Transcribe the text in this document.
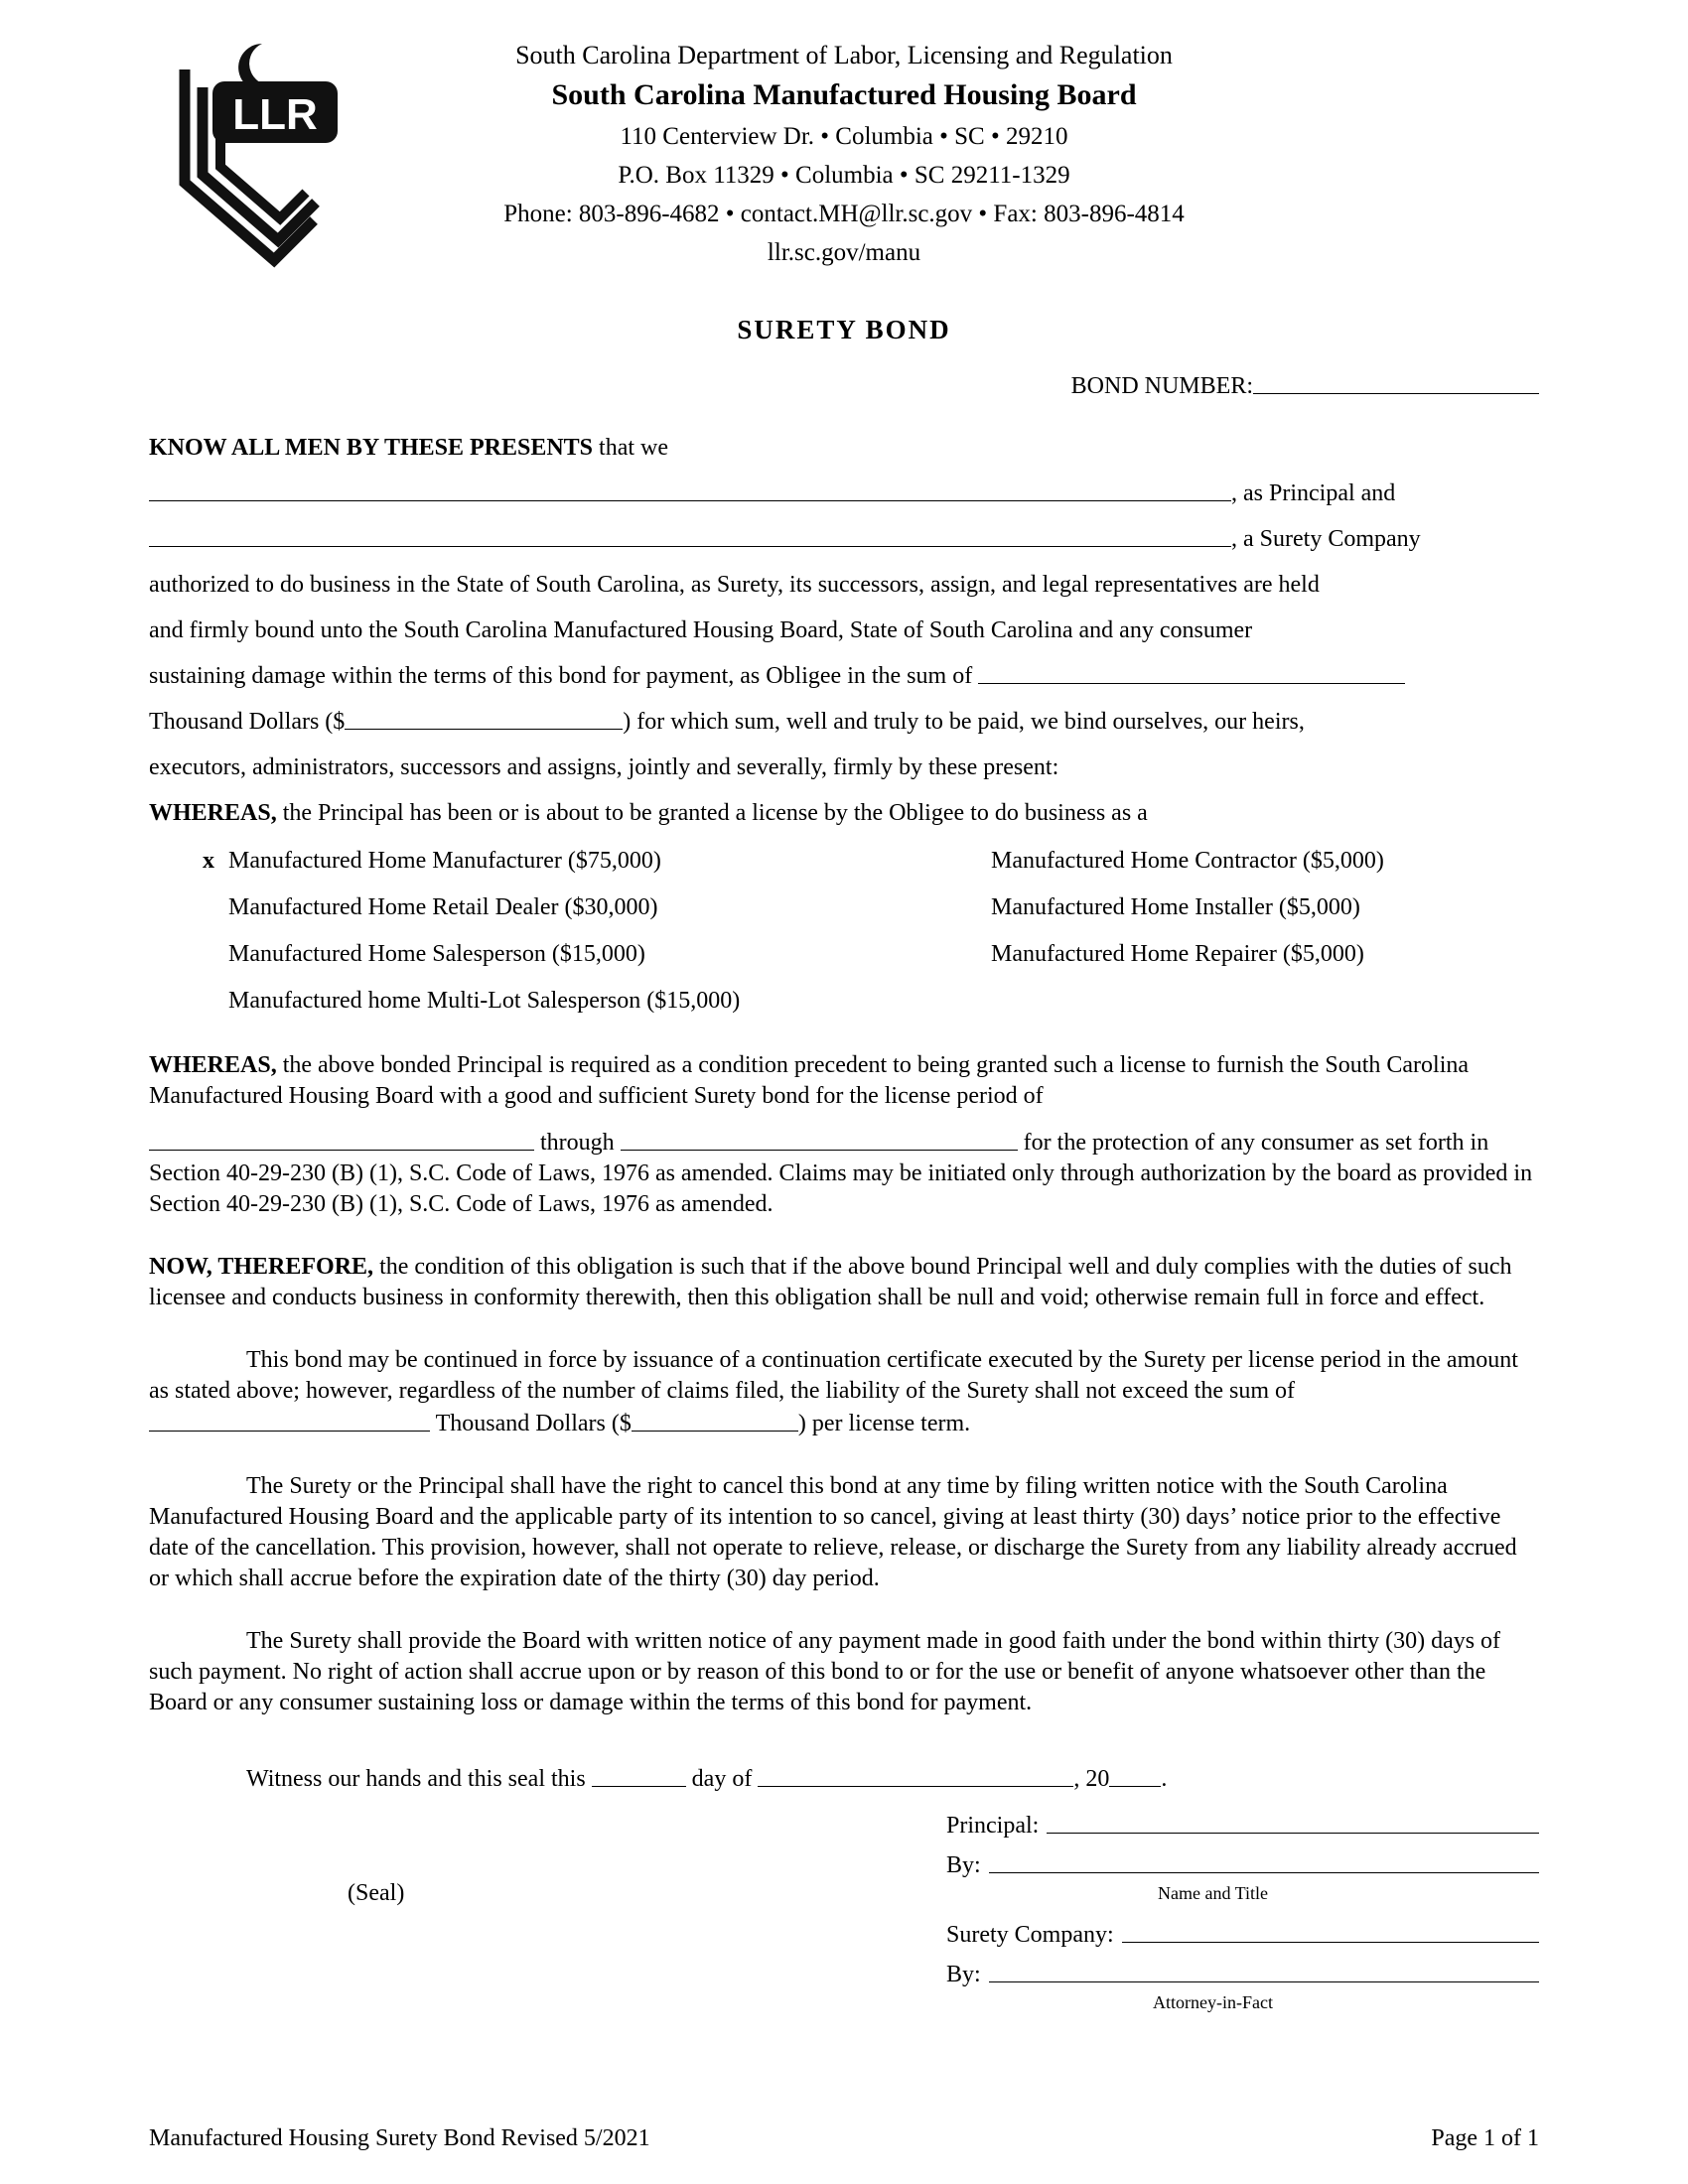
LLR
South Carolina Department of Labor, Licensing and Regulation
South Carolina Manufactured Housing Board
110 Centerview Dr. • Columbia • SC • 29210
P.O. Box 11329 • Columbia • SC 29211-1329
Phone: 803-896-4682 • contact.MH@llr.sc.gov • Fax: 803-896-4814
llr.sc.gov/manu
SURETY BOND
BOND NUMBER:
KNOW ALL MEN BY THESE PRESENTS that we
, as Principal and
, a Surety Company
authorized to do business in the State of South Carolina, as Surety, its successors, assign, and legal representatives are held
and firmly bound unto the South Carolina Manufactured Housing Board, State of South Carolina and any consumer
sustaining damage within the terms of this bond for payment, as Obligee in the sum of
Thousand Dollars ($	) for which sum, well and truly to be paid, we bind ourselves, our heirs,
executors, administrators, successors and assigns, jointly and severally, firmly by these present:
WHEREAS, the Principal has been or is about to be granted a license by the Obligee to do business as a
x Manufactured Home Manufacturer ($75,000)	Manufactured Home Contractor ($5,000)
Manufactured Home Retail Dealer ($30,000)	Manufactured Home Installer ($5,000)
Manufactured Home Salesperson ($15,000)	Manufactured Home Repairer ($5,000)
Manufactured home Multi-Lot Salesperson ($15,000)

WHEREAS, the above bonded Principal is required as a condition precedent to being granted such a license to furnish the South Carolina Manufactured Housing Board with a good and sufficient Surety bond for the license period of

through	for the protection of any consumer as set forth in Section 40-29-230 (B) (1), S.C. Code of Laws, 1976 as amended. Claims may be initiated only through authorization by the board as provided in Section 40-29-230 (B) (1), S.C. Code of Laws, 1976 as amended.

NOW, THEREFORE, the condition of this obligation is such that if the above bound Principal well and duly complies with the duties of such licensee and conducts business in conformity therewith, then this obligation shall be null and void; otherwise remain full in force and effect.

This bond may be continued in force by issuance of a continuation certificate executed by the Surety per license period in the amount as stated above; however, regardless of the number of claims filed, the liability of the Surety shall not exceed the sum of  Thousand Dollars ($	) per license term.

The Surety or the Principal shall have the right to cancel this bond at any time by filing written notice with the South Carolina Manufactured Housing Board and the applicable party of its intention to so cancel, giving at least thirty (30) days’ notice prior to the effective date of the cancellation. This provision, however, shall not operate to relieve, release, or discharge the Surety from any liability already accrued or which shall accrue before the expiration date of the thirty (30) day period.

The Surety shall provide the Board with written notice of any payment made in good faith under the bond within thirty (30) days of such payment. No right of action shall accrue upon or by reason of this bond to or for the use or benefit of anyone whatsoever other than the Board or any consumer sustaining loss or damage within the terms of this bond for payment.

Witness our hands and this seal this	day of	, 20 .

(Seal)
Principal:
By:
Name and Title
Surety Company:
By:
Attorney-in-Fact
Manufactured Housing Surety Bond Revised 5/2021	Page 1 of 1
